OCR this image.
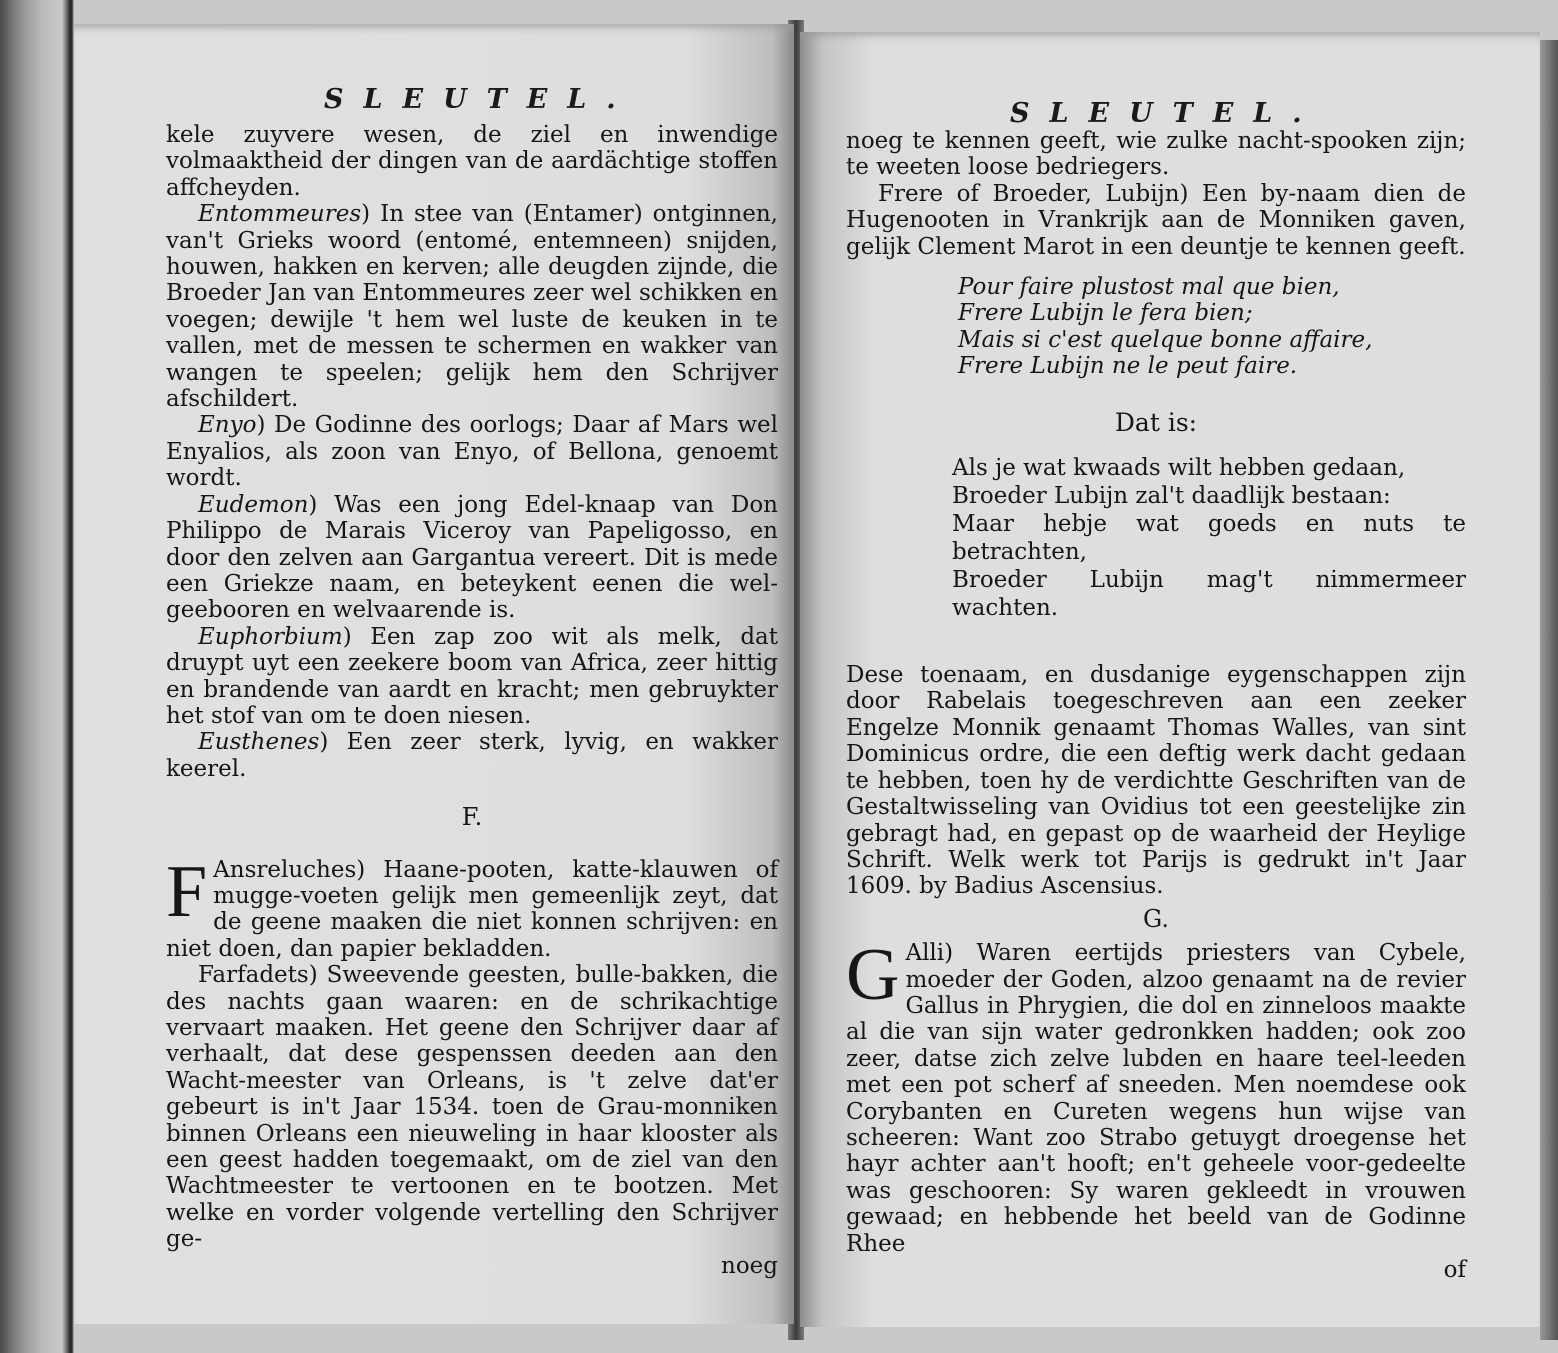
SLEUTEL.

kele zuyvere wesen, de ziel en inwendige volmaaktheid der dingen van de aardächtige stoffen affcheyden.

Entommeures) In stee van (Entamer) ontginnen, van't Grieks woord (entomé, entemneen) snijden, houwen, hakken en kerven; alle deugden zijnde, die Broeder Jan van Entommeures zeer wel schikken en voegen; dewijle 't hem wel luste de keuken in te vallen, met de messen te schermen en wakker van wangen te speelen; gelijk hem den Schrijver afschildert.

Enyo) De Godinne des oorlogs; Daar af Mars wel Enyalios, als zoon van Enyo, of Bellona, genoemt wordt.

Eudemon) Was een jong Edel-knaap van Don Philippo de Marais Viceroy van Papeligosso, en door den zelven aan Gargantua vereert. Dit is mede een Griekze naam, en beteykent eenen die wel-geebooren en welvaarende is.

Euphorbium) Een zap zoo wit als melk, dat druypt uyt een zeekere boom van Africa, zeer hittig en brandende van aardt en kracht; men gebruykter het stof van om te doen niesen.

Eusthenes) Een zeer sterk, lyvig, en wakker keerel.

F.

F Ansreluches) Haane-pooten, katte-klauwen of mugge-voeten gelijk men gemeenlijk zeyt, dat de geene maaken die niet konnen schrijven: en niet doen, dan papier bekladden.

Farfadets) Sweevende geesten, bulle-bakken, die des nachts gaan waaren: en de schrikachtige vervaart maaken. Het geene den Schrijver daar af verhaalt, dat dese gespenssen deeden aan den Wacht-meester van Orleans, is 't zelve dat'er gebeurt is in't Jaar 1534. toen de Grau-monniken binnen Orleans een nieuweling in haar klooster als een geest hadden toegemaakt, om de ziel van den Wachtmeester te vertoonen en te bootzen. Met welke en vorder volgende vertelling den Schrijver ge-

noeg
SLEUTEL.

noeg te kennen geeft, wie zulke nacht-spooken zijn; te weeten loose bedriegers.

Frere of Broeder, Lubijn) Een by-naam dien de Hugenooten in Vrankrijk aan de Monniken gaven, gelijk Clement Marot in een deuntje te kennen geeft.

Pour faire plustost mal que bien,
Frere Lubijn le fera bien;
Mais si c'est quelque bonne affaire,
Frere Lubijn ne le peut faire.
Dat is:
Als je wat kwaads wilt hebben gedaan,
Broeder Lubijn zal't daadlijk bestaan:
Maar hebje wat goeds en nuts te betrachten,
Broeder Lubijn mag't nimmermeer wachten.

Dese toenaam, en dusdanige eygenschappen zijn door Rabelais toegeschreven aan een zeeker Engelze Monnik genaamt Thomas Walles, van sint Dominicus ordre, die een deftig werk dacht gedaan te hebben, toen hy de verdichtte Geschriften van de Gestaltwisseling van Ovidius tot een geestelijke zin gebragt had, en gepast op de waarheid der Heylige Schrift. Welk werk tot Parijs is gedrukt in't Jaar 1609. by Badius Ascensius.

G.

G Alli) Waren eertijds priesters van Cybele, moeder der Goden, alzoo genaamt na de revier Gallus in Phrygien, die dol en zinneloos maakte al die van sijn water gedronkken hadden; ook zoo zeer, datse zich zelve lubden en haare teel-leeden met een pot scherf af sneeden. Men noemdese ook Corybanten en Cureten wegens hun wijse van scheeren: Want zoo Strabo getuygt droegense het hayr achter aan't hooft; en't geheele voor-gedeelte was geschooren: Sy waren gekleedt in vrouwen gewaad; en hebbende het beeld van de Godinne Rhee

of
